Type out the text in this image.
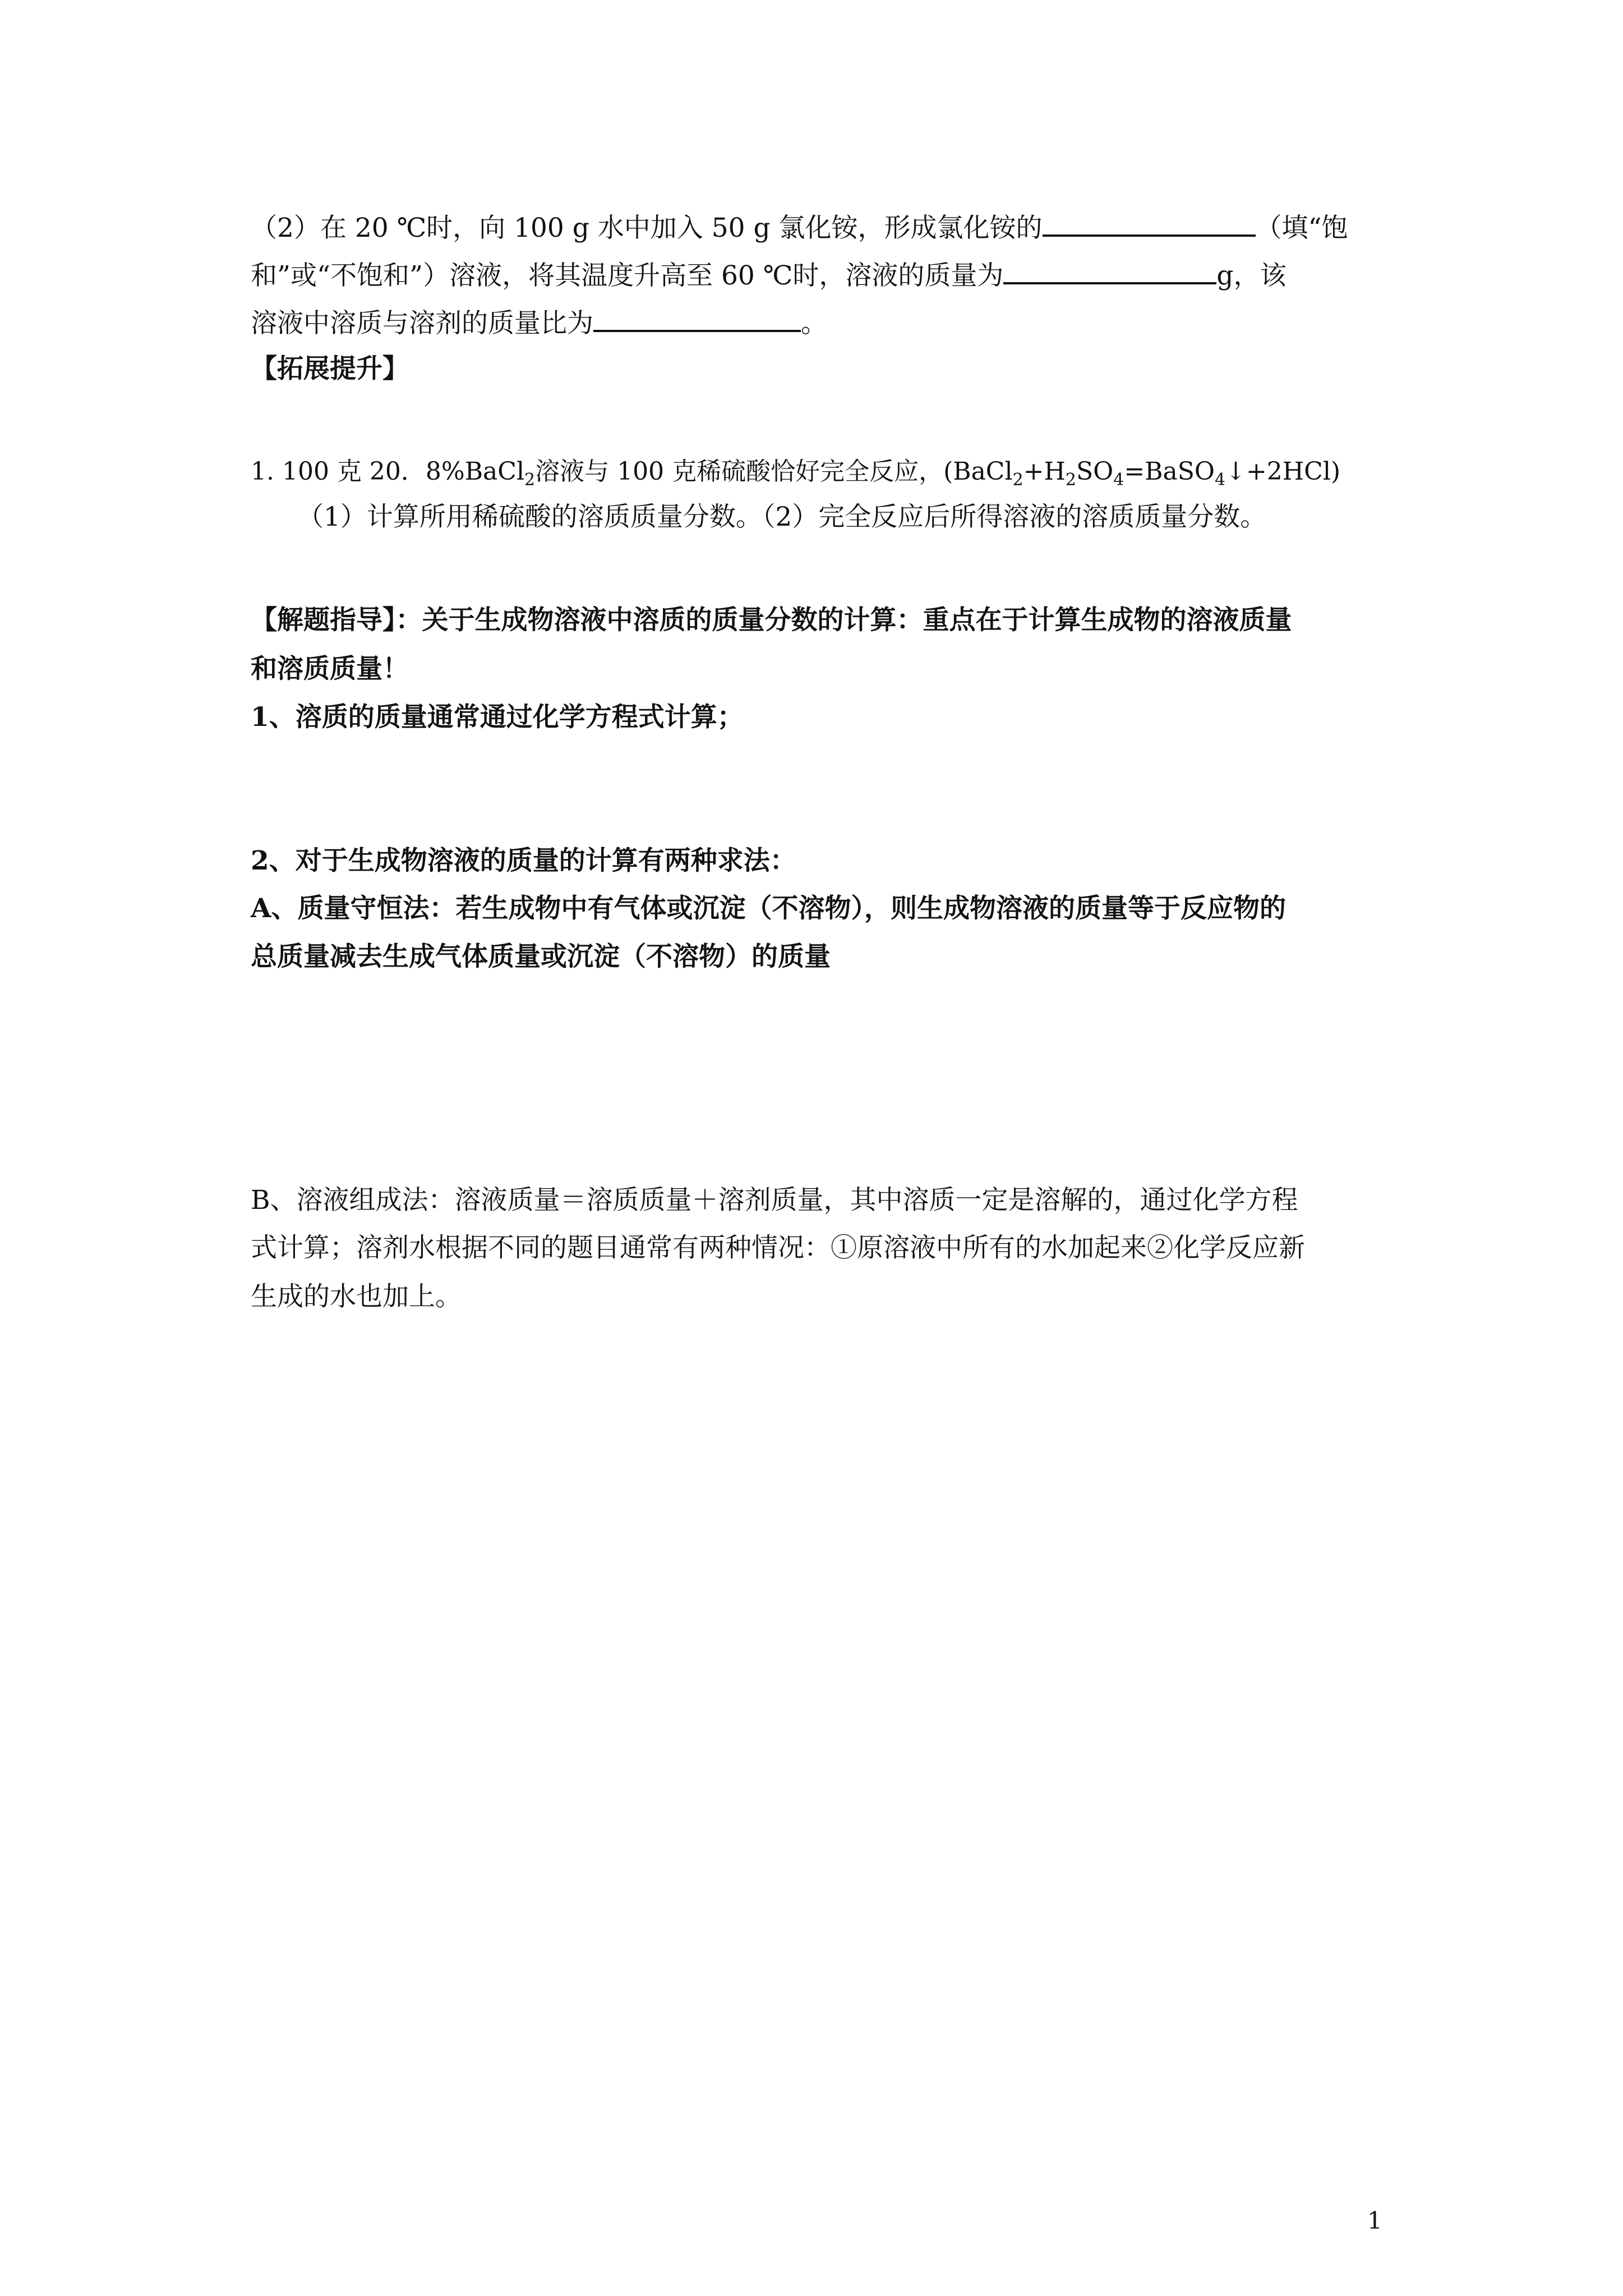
（2）在 20 ℃时，向 100 g 水中加入 50 g 氯化铵，形成氯化铵的	（填“饱
和”或“不饱和”）溶液，将其温度升高至 60 ℃时，溶液的质量为	g，该
溶液中溶质与溶剂的质量比为	。
【拓展提升】
1. 100 克 20．8%BaCl$_2$溶液与 100 克稀硫酸恰好完全反应，$(BaCl_2+H_2SO_4=BaSO_4↓+2HCl)$
（1）计算所用稀硫酸的溶质质量分数。（2）完全反应后所得溶液的溶质质量分数。
【解题指导】：关于生成物溶液中溶质的质量分数的计算：重点在于计算生成物的溶液质量
和溶质质量！
1、溶质的质量通常通过化学方程式计算；
2、对于生成物溶液的质量的计算有两种求法：
A、质量守恒法：若生成物中有气体或沉淀（不溶物），则生成物溶液的质量等于反应物的
总质量减去生成气体质量或沉淀（不溶物）的质量
B、溶液组成法：溶液质量＝溶质质量＋溶剂质量，其中溶质一定是溶解的，通过化学方程
式计算；溶剂水根据不同的题目通常有两种情况：①原溶液中所有的水加起来②化学反应新
生成的水也加上。
1
